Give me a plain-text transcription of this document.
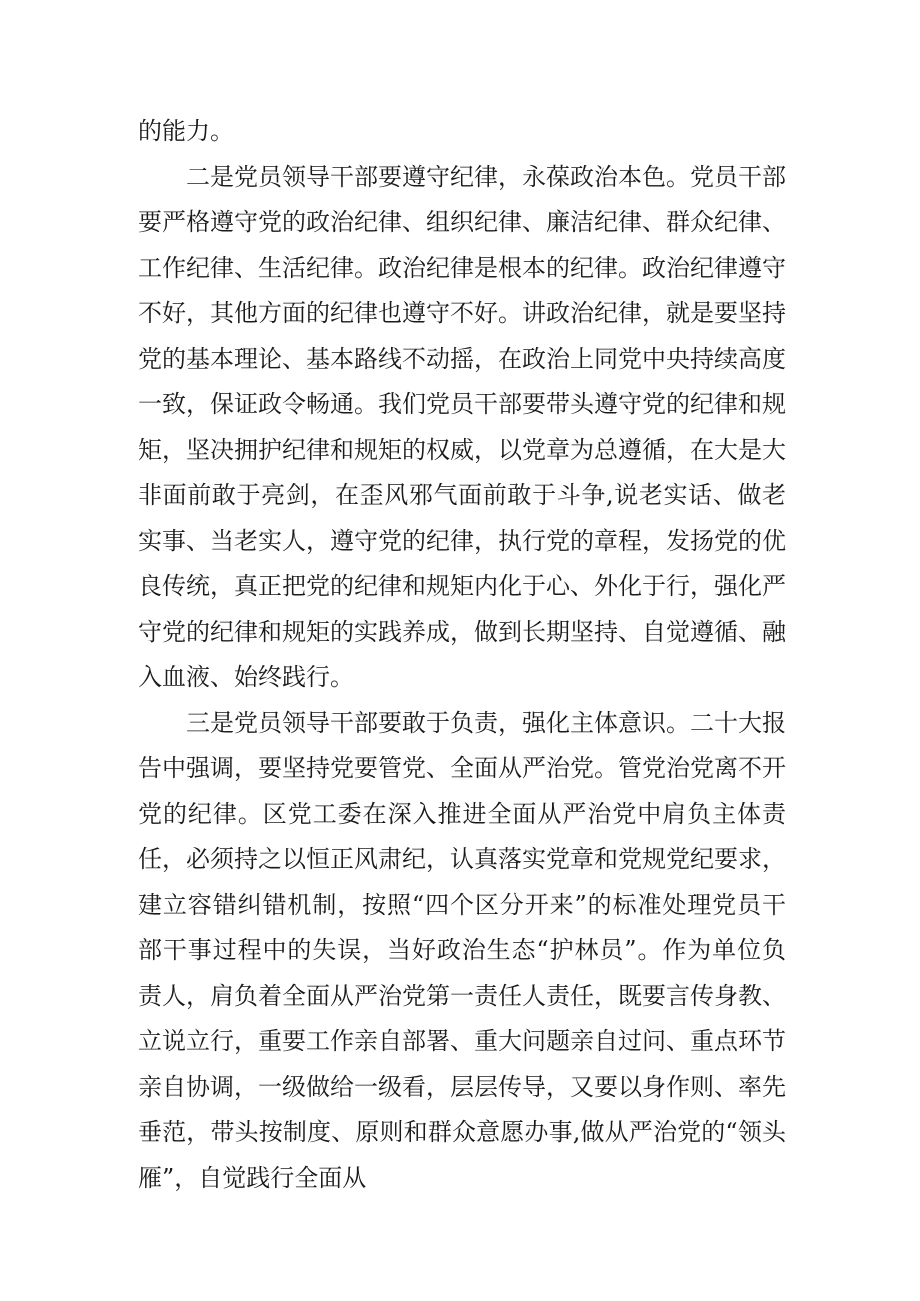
的能力。

二是党员领导干部要遵守纪律，永葆政治本色。党员干部要严格遵守党的政治纪律、组织纪律、廉洁纪律、群众纪律、工作纪律、生活纪律。政治纪律是根本的纪律。政治纪律遵守不好，其他方面的纪律也遵守不好。讲政治纪律，就是要坚持党的基本理论、基本路线不动摇，在政治上同党中央持续高度一致，保证政令畅通。我们党员干部要带头遵守党的纪律和规矩，坚决拥护纪律和规矩的权威，以党章为总遵循，在大是大非面前敢于亮剑，在歪风邪气面前敢于斗争,说老实话、做老实事、当老实人，遵守党的纪律，执行党的章程，发扬党的优良传统，真正把党的纪律和规矩内化于心、外化于行，强化严守党的纪律和规矩的实践养成，做到长期坚持、自觉遵循、融入血液、始终践行。

三是党员领导干部要敢于负责，强化主体意识。二十大报告中强调，要坚持党要管党、全面从严治党。管党治党离不开党的纪律。区党工委在深入推进全面从严治党中肩负主体责任，必须持之以恒正风肃纪，认真落实党章和党规党纪要求，建立容错纠错机制，按照“四个区分开来”的标准处理党员干部干事过程中的失误，当好政治生态“护林员”。作为单位负责人，肩负着全面从严治党第一责任人责任，既要言传身教、立说立行，重要工作亲自部署、重大问题亲自过问、重点环节亲自协调，一级做给一级看，层层传导，又要以身作则、率先垂范，带头按制度、原则和群众意愿办事,做从严治党的“领头雁”，自觉践行全面从
